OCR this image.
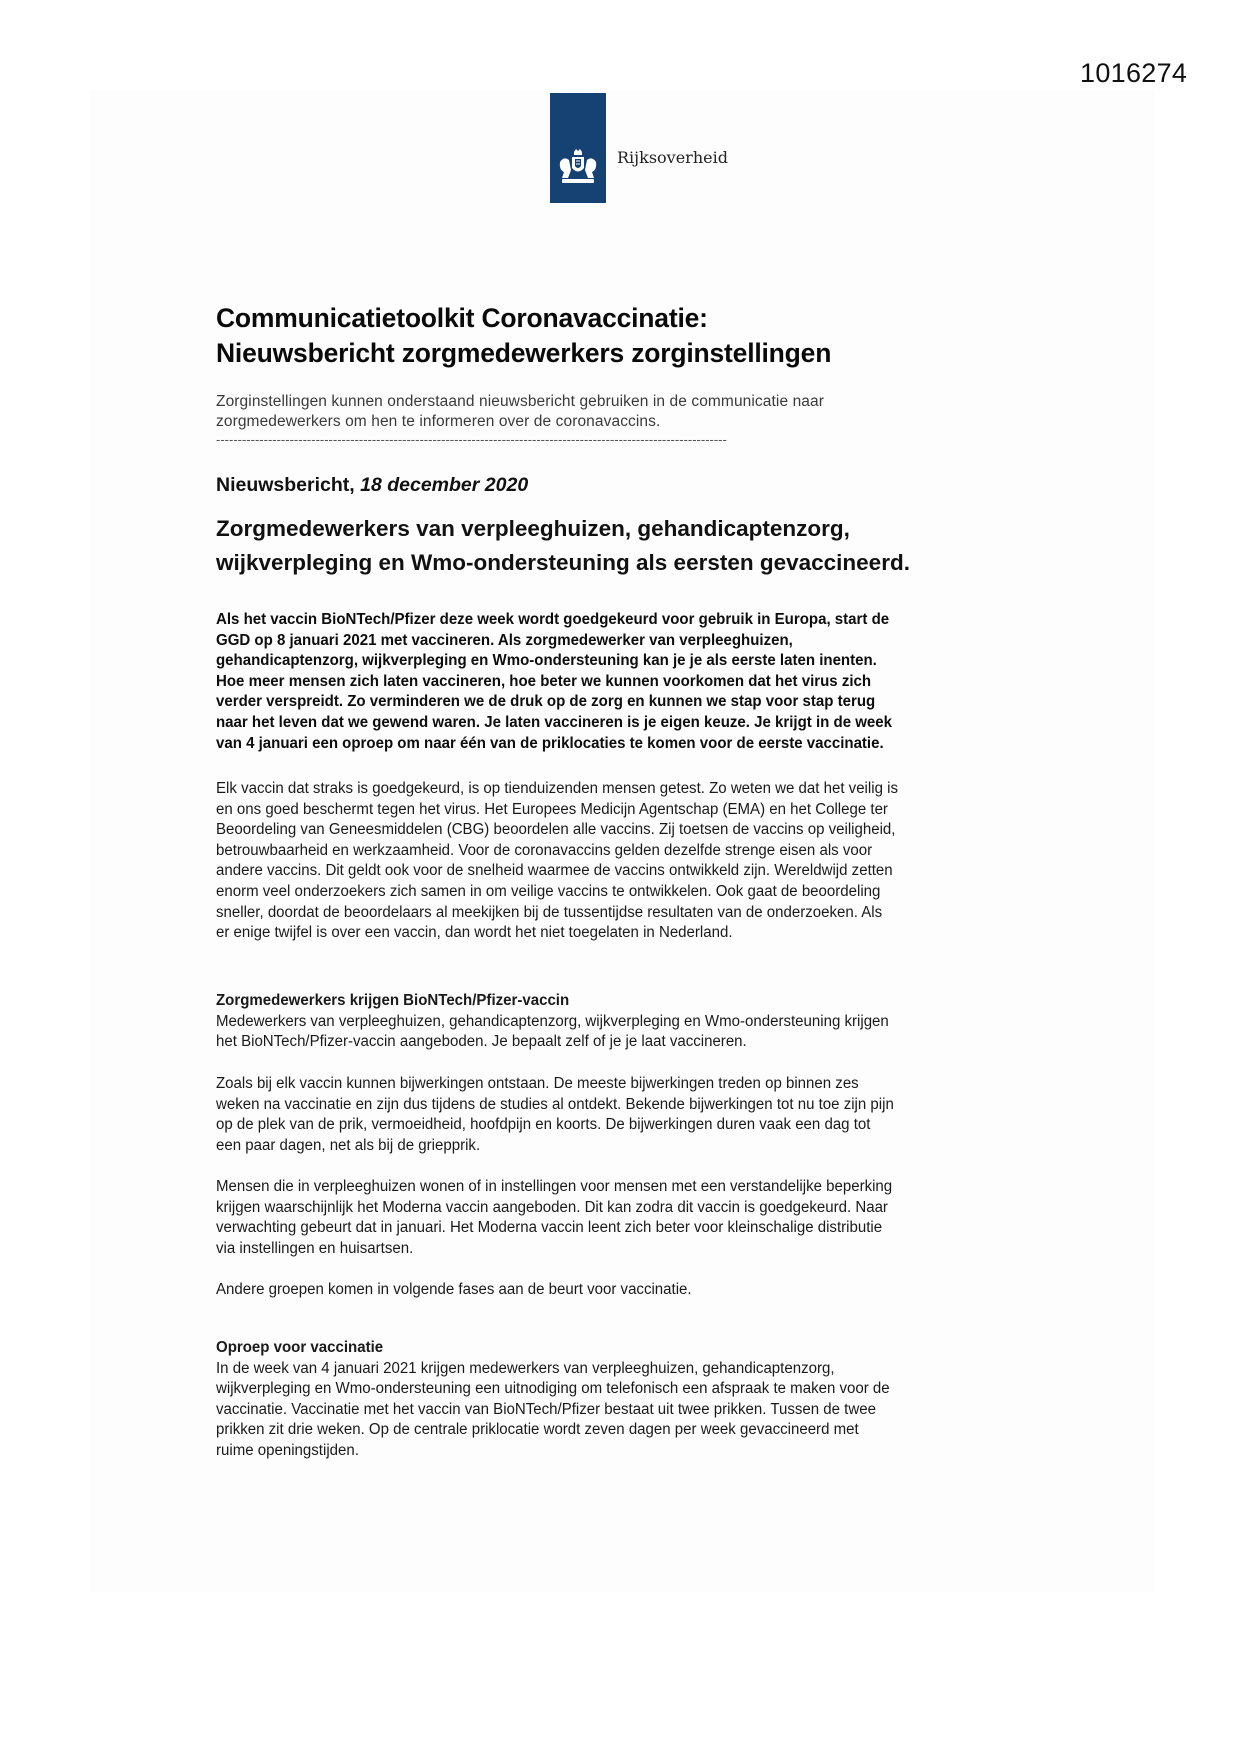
1016274
Rijksoverheid
Communicatietoolkit Coronavaccinatie:
Nieuwsbericht zorgmedewerkers zorginstellingen
Zorginstellingen kunnen onderstaand nieuwsbericht gebruiken in de communicatie naar
zorgmedewerkers om hen te informeren over de coronavaccins.
----------------------------------------------------------------------------------------------------------------------
Nieuwsbericht, 18 december 2020
Zorgmedewerkers van verpleeghuizen, gehandicaptenzorg,
wijkverpleging en Wmo-ondersteuning als eersten gevaccineerd.
Als het vaccin BioNTech/Pfizer deze week wordt goedgekeurd voor gebruik in Europa, start de
GGD op 8 januari 2021 met vaccineren. Als zorgmedewerker van verpleeghuizen,
gehandicaptenzorg, wijkverpleging en Wmo-ondersteuning kan je je als eerste laten inenten.
Hoe meer mensen zich laten vaccineren, hoe beter we kunnen voorkomen dat het virus zich
verder verspreidt. Zo verminderen we de druk op de zorg en kunnen we stap voor stap terug
naar het leven dat we gewend waren. Je laten vaccineren is je eigen keuze. Je krijgt in de week
van 4 januari een oproep om naar één van de priklocaties te komen voor de eerste vaccinatie.
Elk vaccin dat straks is goedgekeurd, is op tienduizenden mensen getest. Zo weten we dat het veilig is
en ons goed beschermt tegen het virus. Het Europees Medicijn Agentschap (EMA) en het College ter
Beoordeling van Geneesmiddelen (CBG) beoordelen alle vaccins. Zij toetsen de vaccins op veiligheid,
betrouwbaarheid en werkzaamheid. Voor de coronavaccins gelden dezelfde strenge eisen als voor
andere vaccins. Dit geldt ook voor de snelheid waarmee de vaccins ontwikkeld zijn. Wereldwijd zetten
enorm veel onderzoekers zich samen in om veilige vaccins te ontwikkelen. Ook gaat de beoordeling
sneller, doordat de beoordelaars al meekijken bij de tussentijdse resultaten van de onderzoeken. Als
er enige twijfel is over een vaccin, dan wordt het niet toegelaten in Nederland.
Zorgmedewerkers krijgen BioNTech/Pfizer-vaccin
Medewerkers van verpleeghuizen, gehandicaptenzorg, wijkverpleging en Wmo-ondersteuning krijgen
het BioNTech/Pfizer-vaccin aangeboden. Je bepaalt zelf of je je laat vaccineren.
Zoals bij elk vaccin kunnen bijwerkingen ontstaan. De meeste bijwerkingen treden op binnen zes
weken na vaccinatie en zijn dus tijdens de studies al ontdekt. Bekende bijwerkingen tot nu toe zijn pijn
op de plek van de prik, vermoeidheid, hoofdpijn en koorts. De bijwerkingen duren vaak een dag tot
een paar dagen, net als bij de griepprik.
Mensen die in verpleeghuizen wonen of in instellingen voor mensen met een verstandelijke beperking
krijgen waarschijnlijk het Moderna vaccin aangeboden. Dit kan zodra dit vaccin is goedgekeurd. Naar
verwachting gebeurt dat in januari. Het Moderna vaccin leent zich beter voor kleinschalige distributie
via instellingen en huisartsen.
Andere groepen komen in volgende fases aan de beurt voor vaccinatie.
Oproep voor vaccinatie
In de week van 4 januari 2021 krijgen medewerkers van verpleeghuizen, gehandicaptenzorg,
wijkverpleging en Wmo-ondersteuning een uitnodiging om telefonisch een afspraak te maken voor de
vaccinatie. Vaccinatie met het vaccin van BioNTech/Pfizer bestaat uit twee prikken. Tussen de twee
prikken zit drie weken. Op de centrale priklocatie wordt zeven dagen per week gevaccineerd met
ruime openingstijden.
